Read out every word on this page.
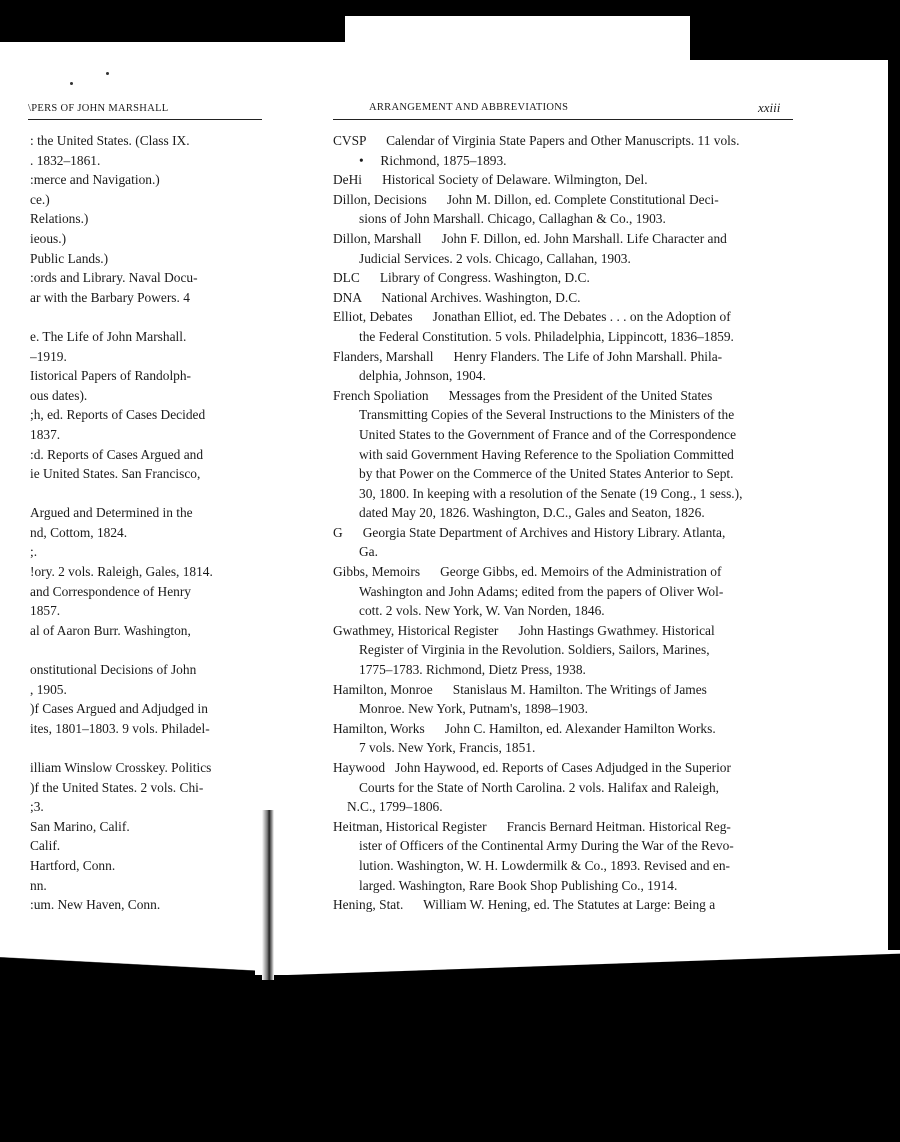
\PERS OF JOHN MARSHALL	ARRANGEMENT AND ABBREVIATIONS	xxiii
: the United States. (Class IX.
. 1832–1861.
:merce and Navigation.)
ce.)
Relations.)
ieous.)
Public Lands.)
:ords and Library. Naval Docu-
ar with the Barbary Powers. 4
e. The Life of John Marshall.
–1919.
Iistorical Papers of Randolph-
ous dates).
;h, ed. Reports of Cases Decided
1837.
:d. Reports of Cases Argued and
ie United States. San Francisco,
Argued and Determined in the
nd, Cottom, 1824.
;.
!ory. 2 vols. Raleigh, Gales, 1814.
and Correspondence of Henry
1857.
al of Aaron Burr. Washington,
onstitutional Decisions of John
, 1905.
)f Cases Argued and Adjudged in
ites, 1801–1803. 9 vols. Philadel-
illiam Winslow Crosskey. Politics
)f the United States. 2 vols. Chi-
;3.
San Marino, Calif.
Calif.
Hartford, Conn.
nn.
:um. New Haven, Conn.
CVSP      Calendar of Virginia State Papers and Other Manuscripts. 11 vols.
•     Richmond, 1875–1893.
DeHi      Historical Society of Delaware. Wilmington, Del.
Dillon, Decisions      John M. Dillon, ed. Complete Constitutional Deci-
sions of John Marshall. Chicago, Callaghan & Co., 1903.
Dillon, Marshall      John F. Dillon, ed. John Marshall. Life Character and
Judicial Services. 2 vols. Chicago, Callahan, 1903.
DLC      Library of Congress. Washington, D.C.
DNA      National Archives. Washington, D.C.
Elliot, Debates      Jonathan Elliot, ed. The Debates . . . on the Adoption of
the Federal Constitution. 5 vols. Philadelphia, Lippincott, 1836–1859.
Flanders, Marshall      Henry Flanders. The Life of John Marshall. Phila-
delphia, Johnson, 1904.
French Spoliation      Messages from the President of the United States
Transmitting Copies of the Several Instructions to the Ministers of the
United States to the Government of France and of the Correspondence
with said Government Having Reference to the Spoliation Committed
by that Power on the Commerce of the United States Anterior to Sept.
30, 1800. In keeping with a resolution of the Senate (19 Cong., 1 sess.),
dated May 20, 1826. Washington, D.C., Gales and Seaton, 1826.
G      Georgia State Department of Archives and History Library. Atlanta,
Ga.
Gibbs, Memoirs      George Gibbs, ed. Memoirs of the Administration of
Washington and John Adams; edited from the papers of Oliver Wol-
cott. 2 vols. New York, W. Van Norden, 1846.
Gwathmey, Historical Register      John Hastings Gwathmey. Historical
Register of Virginia in the Revolution. Soldiers, Sailors, Marines,
1775–1783. Richmond, Dietz Press, 1938.
Hamilton, Monroe      Stanislaus M. Hamilton. The Writings of James
Monroe. New York, Putnam's, 1898–1903.
Hamilton, Works      John C. Hamilton, ed. Alexander Hamilton Works.
7 vols. New York, Francis, 1851.
Haywood   John Haywood, ed. Reports of Cases Adjudged in the Superior
Courts for the State of North Carolina. 2 vols. Halifax and Raleigh,
N.C., 1799–1806.
Heitman, Historical Register      Francis Bernard Heitman. Historical Reg-
ister of Officers of the Continental Army During the War of the Revo-
lution. Washington, W. H. Lowdermilk & Co., 1893. Revised and en-
larged. Washington, Rare Book Shop Publishing Co., 1914.
Hening, Stat.      William W. Hening, ed. The Statutes at Large: Being a
